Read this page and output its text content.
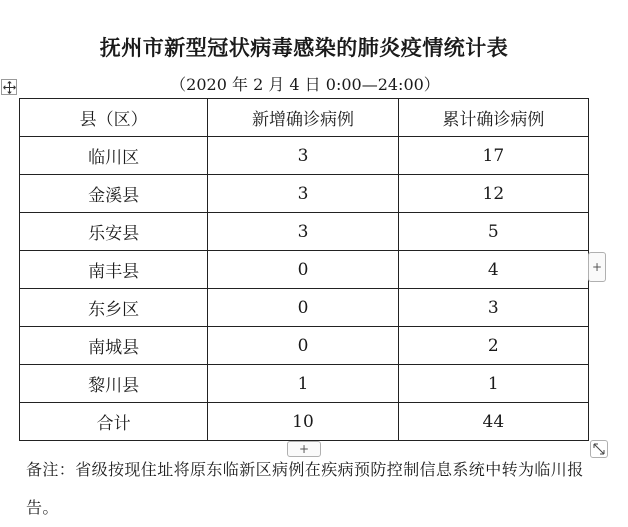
抚州市新型冠状病毒感染的肺炎疫情统计表
（2020 年 2 月 4 日 0:00—24:00）
县（区）	新增确诊病例	累计确诊病例
临川区	3	17
金溪县	3	12
乐安县	3	5
南丰县	0	4
东乡区	0	3
南城县	0	2
黎川县	1	1
合计	10	44
+
+
备注：省级按现住址将原东临新区病例在疾病预防控制信息系统中转为临川报告。
